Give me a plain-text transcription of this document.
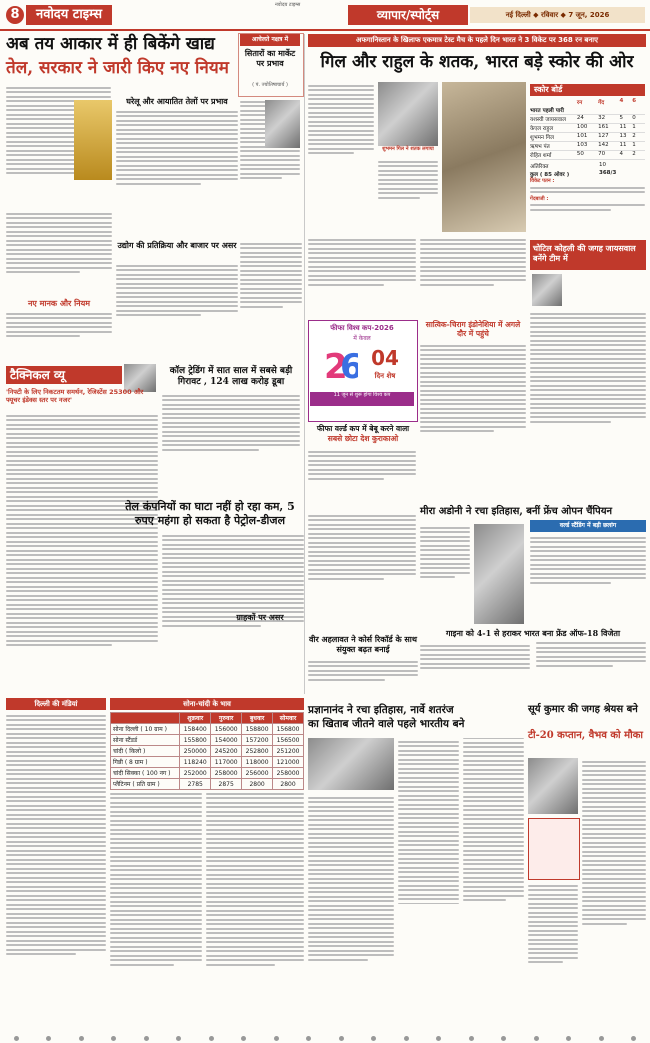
8	नवोदय टाइम्स
नवोदय टाइम्स
व्यापार/स्पोर्ट्स	नई दिल्ली ◆ रविवार ◆ 7 जून, 2026
अब तय आकार में ही बिकेंगे खाद्य
तेल, सरकार ने जारी किए नए नियम
नए मानक और नियम
घरेलू और आयातित तेलों पर प्रभाव
उद्योग की प्रतिक्रिया और बाजार पर असर
आचेलते नक्षत्र में
सितारों का मार्केट पर प्रभाव
( पं. ज्योतिषाचार्य )
टैक्निकल व्यू
'निफ्टी के लिए निकटतम समर्थन, रेजिस्टेंस 25300 और फ्यूचर इंडेक्स स्तर पर नजर'
कॉल ट्रेडिंग में सात साल में सबसे बड़ी गिरावट , 124 लाख करोड़ डूबा
तेल कंपनियों का घाटा नहीं हो रहा कम, 5
रुपए महंगा हो सकता है पेट्रोल-डीजल
ग्राहकों पर असर
अफगानिस्तान के खिलाफ एकमात्र टेस्ट मैच के पहले दिन भारत ने 3 विकेट पर 368 रन बनाए
गिल और राहुल के शतक, भारत बड़े स्कोर की ओर
शुभमन गिल ने शतक लगाया
स्कोर बोर्ड
रन	गेंद	4	6
भारत पहली पारी
यशस्वी जायसवाल	24	32	5	0
केएल राहुल	100	161	11	1
शुभमन गिल	101	127	13	2
ऋषभ पंत	103	142	11	1
रोहित शर्मा	50	70	4	2
अतिरिक्त	10
कुल ( 85 ओवर )	368/3
विकेट पतन :
गेंदबाजी :
चोटिल कोहली की जगह जायसवाल बनेंगे टीम में
फीफा विश्व कप-2026
में केवल
2
6 04
दिन शेष
11 जून से शुरू होगा विश्व कप
फीफा वर्ल्ड कप में बेबू करने वाला
सबसे छोटा देश कुराकाओ
सात्विक-चिराग इंडोनेशिया में अगले दौर में पहुंचे
मीरा अडोनी ने रचा इतिहास, बनीं फ्रेंच ओपन चैंपियन
वर्ल्ड स्टैंडिंग में बड़ी छलांग
वीर अहलावत ने कोर्स रिकॉर्ड के साथ संयुक्त बढ़त बनाई
गाइना को 4-1 से हराकर भारत बना फ्रेंड ऑफ-18 विजेता
दिल्ली की मंडियां	सोना-चांदी के भाव
	शुक्रवार	गुरुवार	बुधवार	सोमवार
सोना दिल्ली ( 10 ग्राम )	158400	156000	158800	156800
सोना स्टैंडर्ड	155800	154000	157200	156500
चांदी ( किलो )	250000	245200	252800	251200
गिन्नी ( 8 ग्राम )	118240	117000	118000	121000
चांदी सिक्का ( 100 नग )	252000	258000	256000	258000
प्लैटिनम ( प्रति ग्राम )	2785	2875	2800	2800
प्रज्ञानानंद ने रचा इतिहास, नार्वे शतरंज
का खिताब जीतने वाले पहले भारतीय बने
सूर्य कुमार की जगह श्रेयस बने
टी-20 कप्तान, वैभव को मौका
